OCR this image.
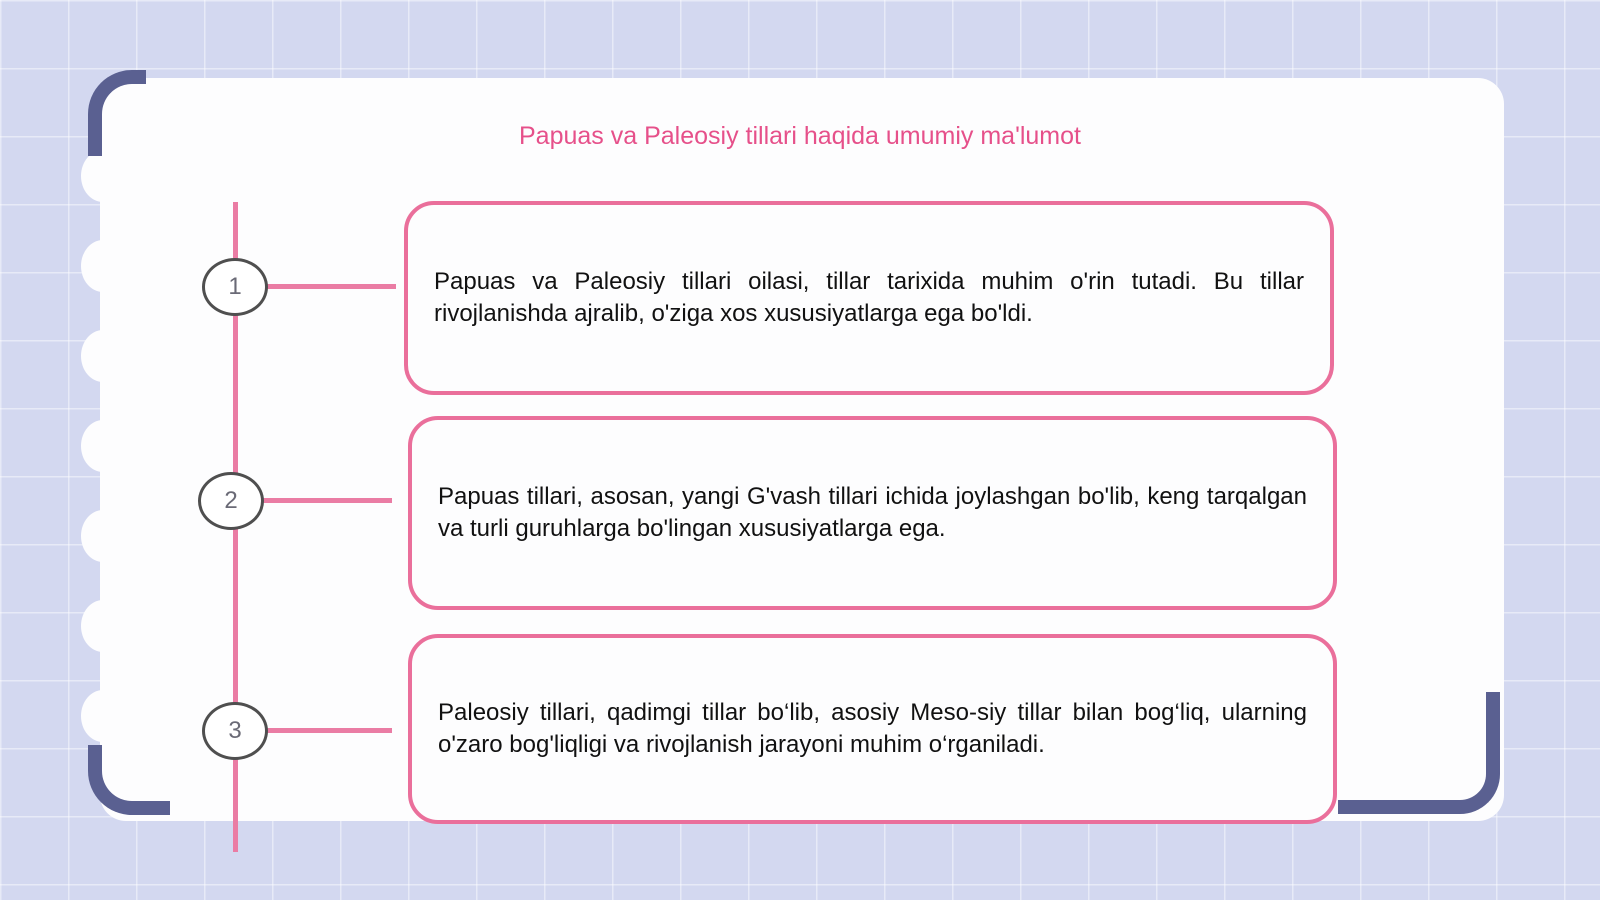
Papuas va Paleosiy tillari haqida umumiy ma'lumot
1	Papuas va Paleosiy tillari oilasi, tillar tarixida muhim o'rin tutadi. Bu tillar rivojlanishda ajralib, o'ziga xos xususiyatlarga ega bo'ldi.
2	Papuas tillari, asosan, yangi G'vash tillari ichida joylashgan bo'lib, keng tarqalgan va turli guruhlarga bo'lingan xususiyatlarga ega.
3
Paleosiy tillari, qadimgi tillar bo‘lib, asosiy Meso-siy tillar bilan bog‘liq, ularning o'zaro bog'liqligi va rivojlanish jarayoni muhim o‘rganiladi.
